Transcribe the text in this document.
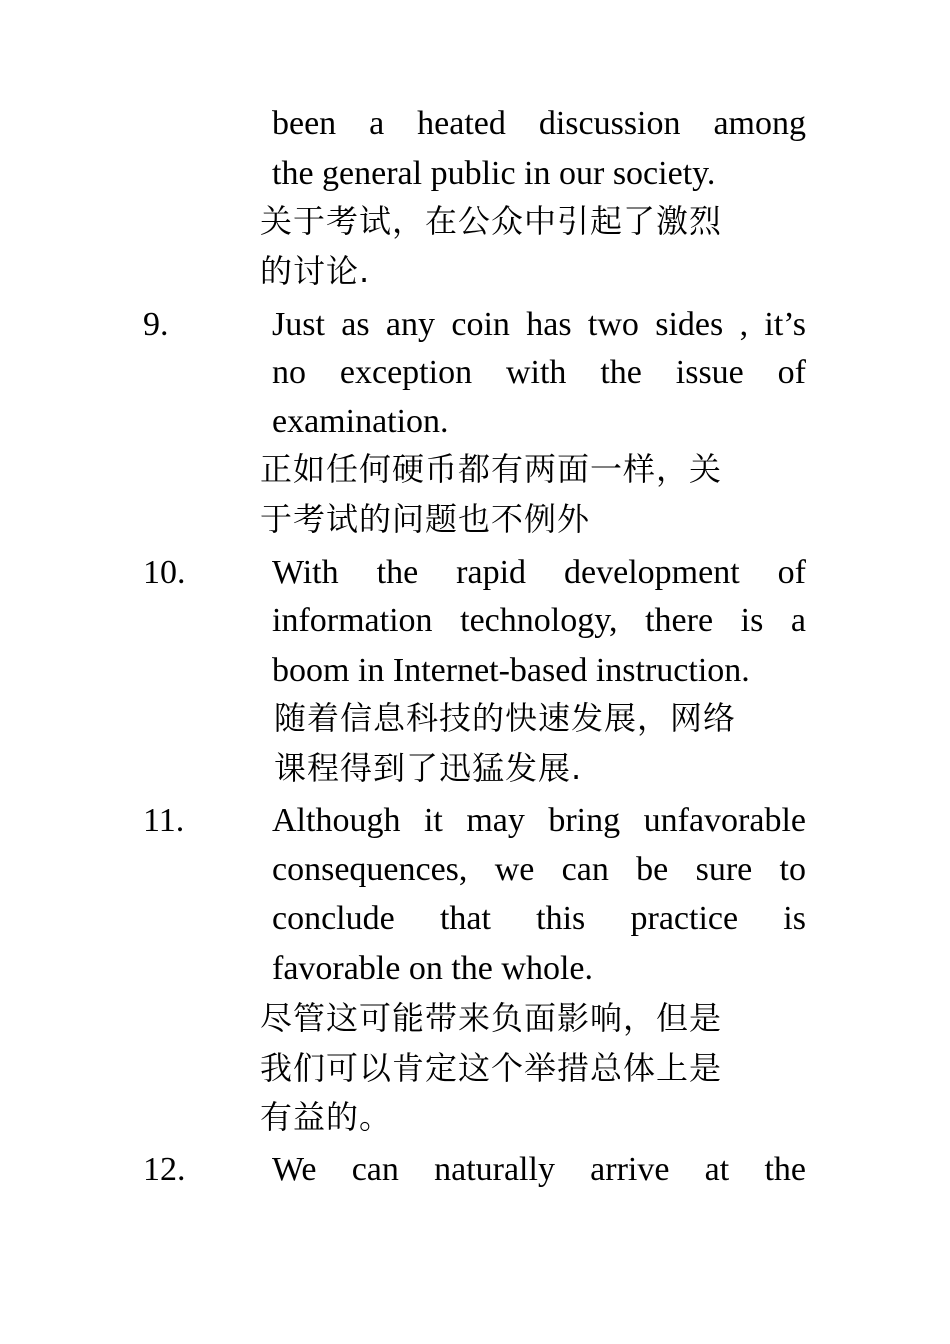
been a heated discussion among
the general public in our society.
关于考试，在公众中引起了激烈
的讨论.
9.	Just as any coin has two sides , it’s
no exception with the issue of
examination.
正如任何硬币都有两面一样，关
于考试的问题也不例外
10.	With the rapid development of
information technology, there is a
boom in Internet-based instruction.
随着信息科技的快速发展，网络
课程得到了迅猛发展.
11.	Although it may bring unfavorable
consequences, we can be sure to
conclude that this practice is
favorable on the whole.
尽管这可能带来负面影响，但是
我们可以肯定这个举措总体上是
有益的。
12.	We can naturally arrive at the
